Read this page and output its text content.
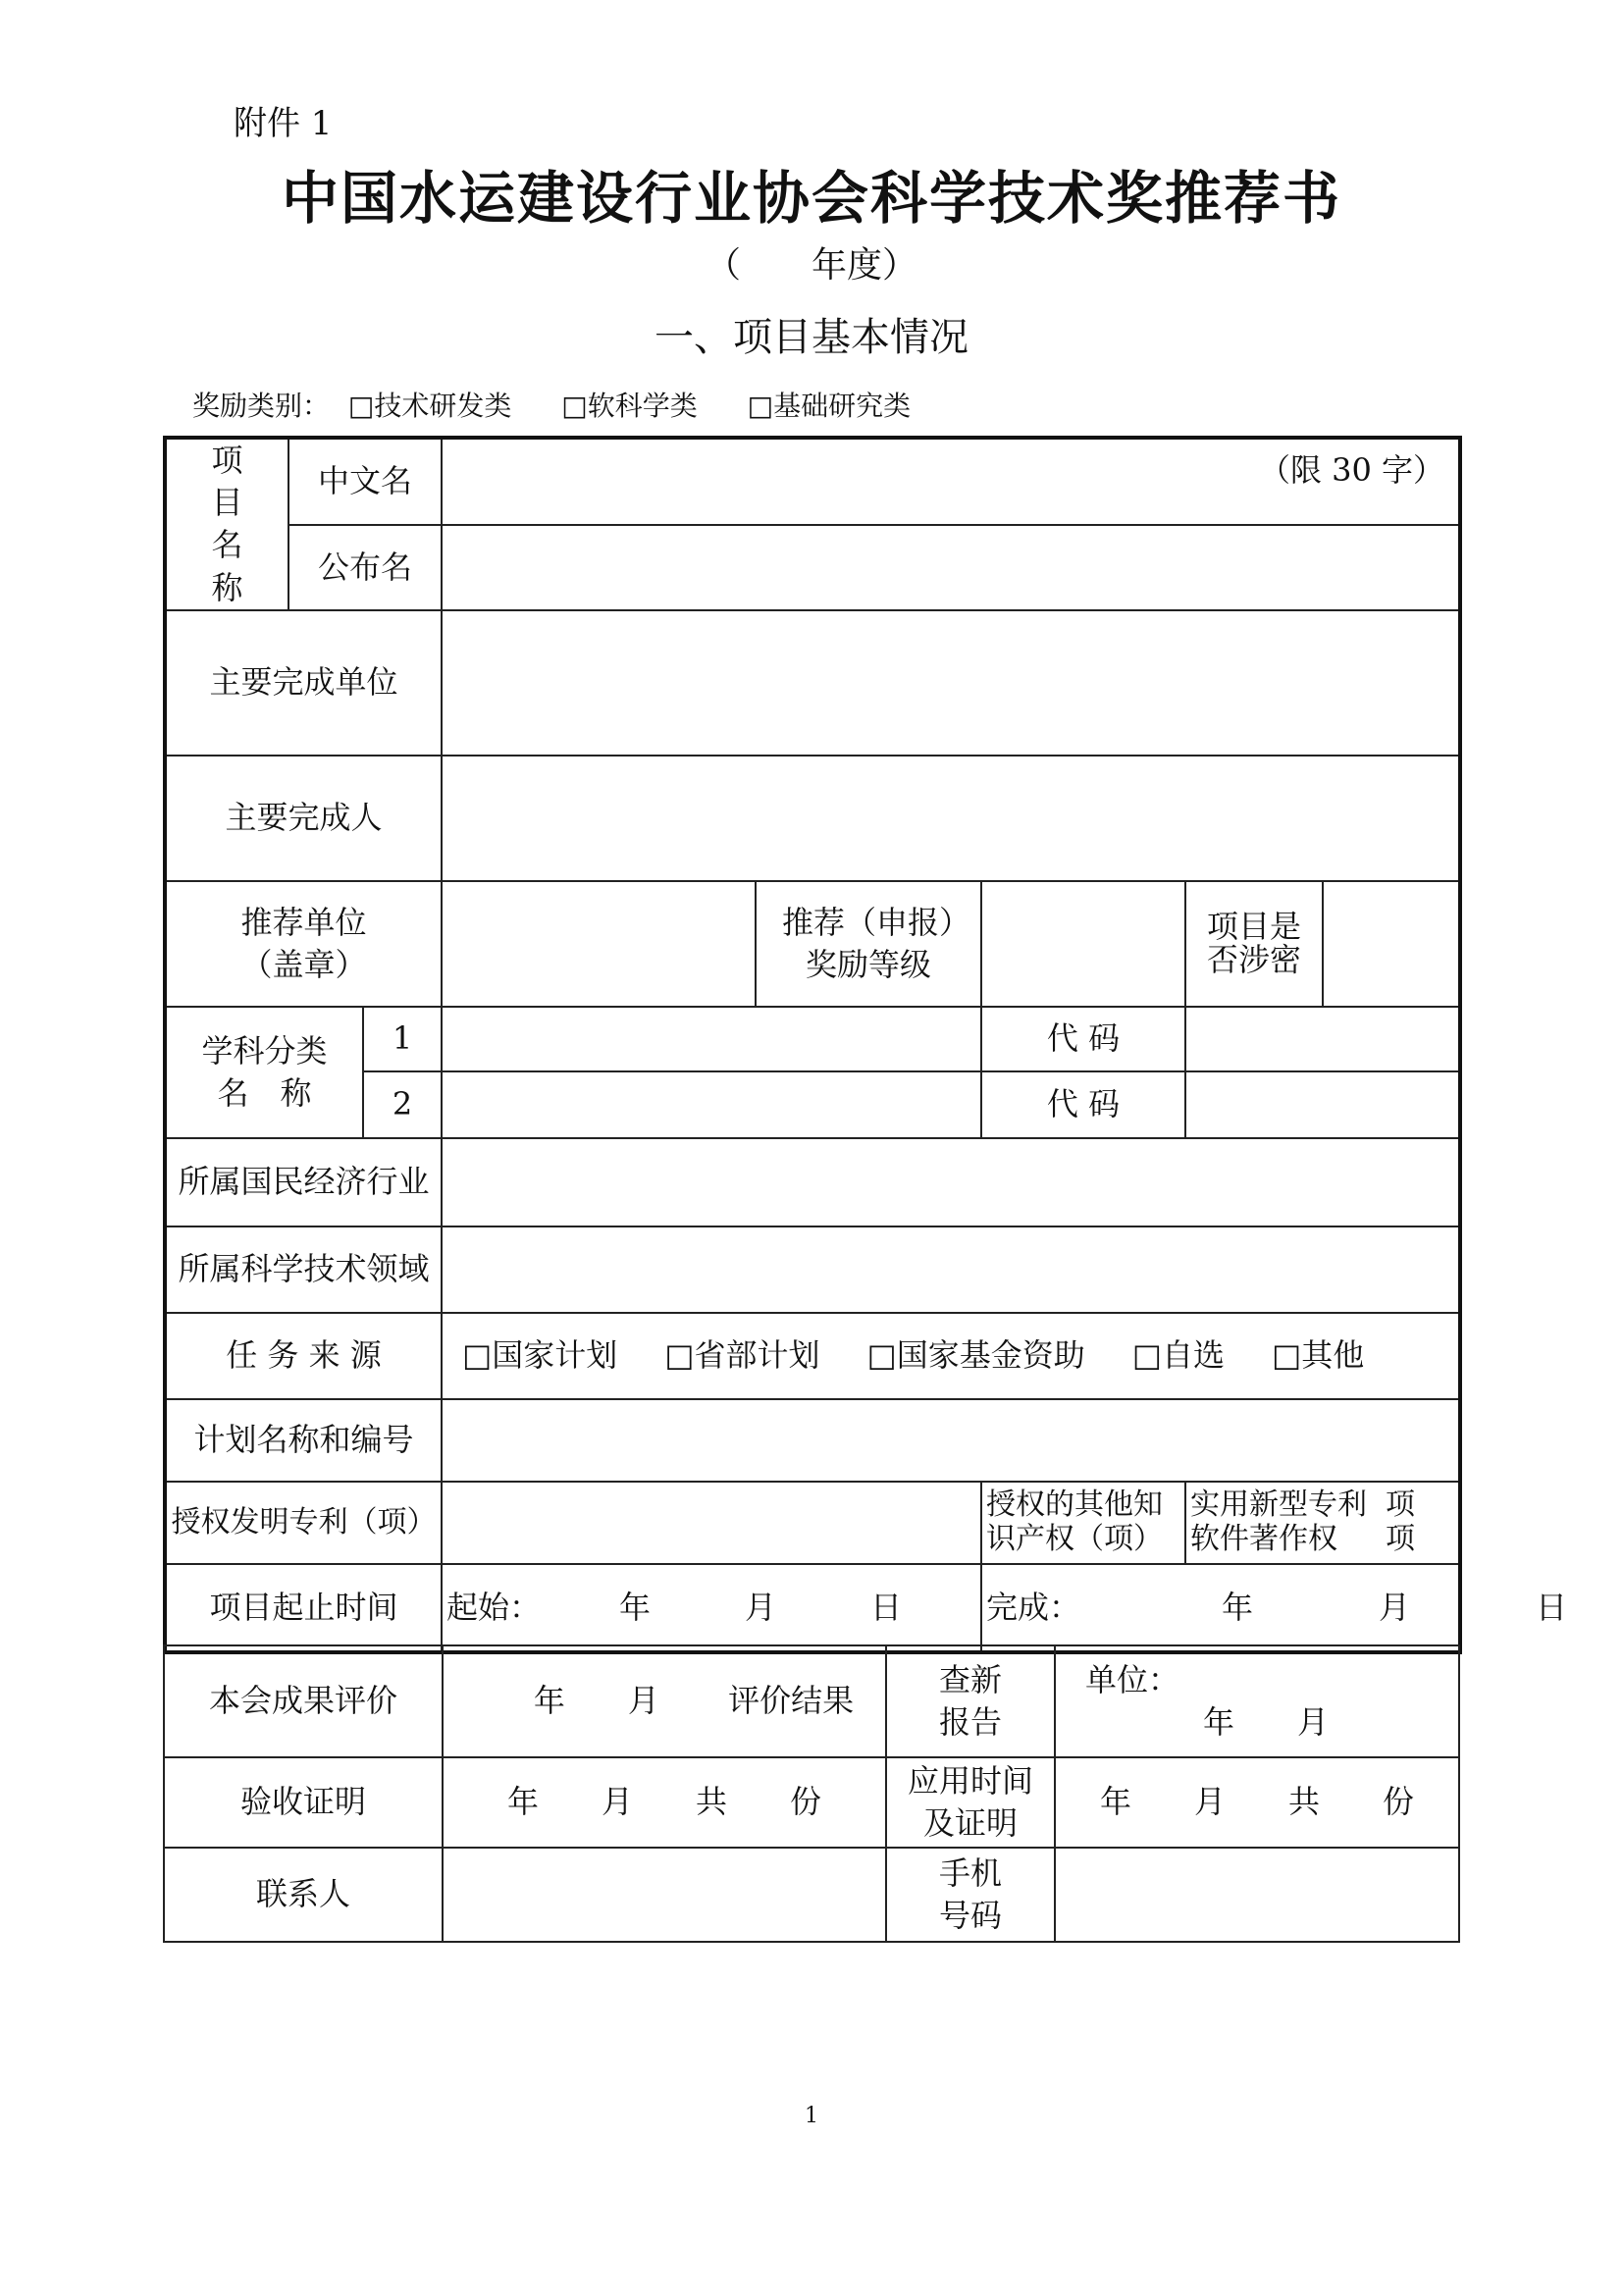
附件 1
中国水运建设行业协会科学技术奖推荐书
（　　年度）
一、项目基本情况
奖励类别： □技术研发类 □软科学类 □基础研究类
项目名称	中文名		（限 30 字）				
	公布名						
主要完成单位							
主要完成人							

推荐单位（盖章）				推荐（申报）奖励等级		项目是否涉密	

学科分类名　称		1			代 码		
		2			代 码		
所属国民经济行业							
所属科学技术领域							
任 务 来 源			□国家计划 □省部计划 □国家基金资助 □自选 □其他				
计划名称和编号							
授权发明专利（项）					授权的其他知识产权（项）	实用新型专利 项
软件著作权 项	

项目起止时间			起始：　　　年　　　月　　　日		完成：　　　　　年　　　　月　　　　日		
本会成果评价	年　　月 评价结果	查新报告	单位：
年　　月

验收证明	年　　月　　共　　份	应用时间及证明	年　　月　　共　　份
联系人		手机号码	

1
